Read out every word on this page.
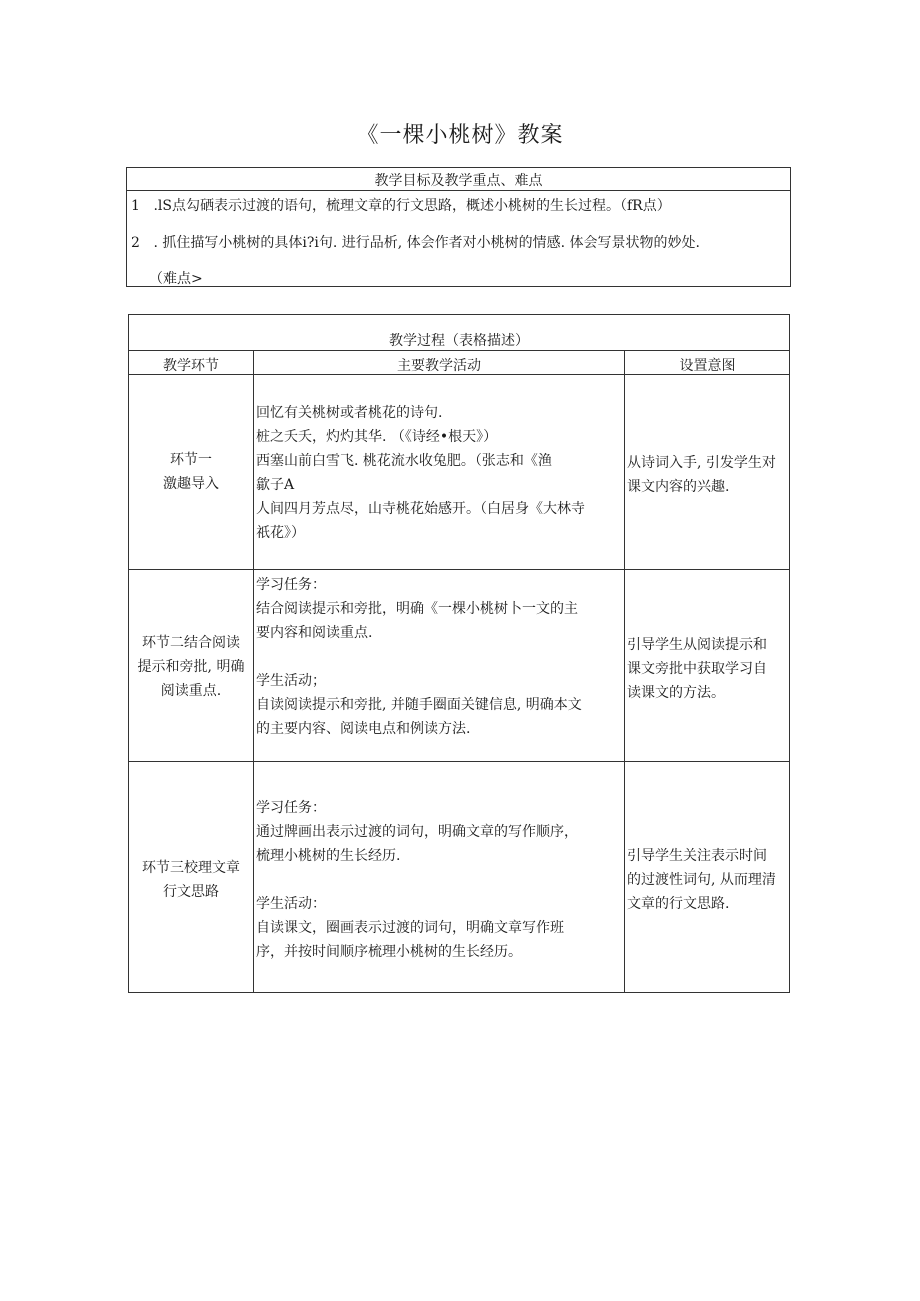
《一棵小桃树》教案
教学目标及教学重点、难点
1 .lS点勾硒表示过渡的语句，梳理文章的行文思路，概述小桃树的生长过程。（fR点）
2 . 抓住描写小桃树的具体i?i句. 进行品析, 体会作者对小桃树的情感. 体会写景状物的妙处.
（难点>
教学过程（表格描述）
教学环节	主要教学活动	设置意图
环节一
激趣导入
回忆有关桃树或者桃花的诗句.
桩之夭夭，灼灼其华. （《诗经•根天》）
西塞山前白雪飞. 桃花流水收兔肥。（张志和《渔
歙子A
人间四月芳点尽，山寺桃花始感开。（白居身《大林寺
祇花》）
从诗词入手, 引发学生对
课文内容的兴趣.
环节二结合阅读
提示和旁批, 明确
阅读重点.
学习任务：
结合阅读提示和旁批，明确《一棵小桃树卜一文的主
要内容和阅读重点.
学生活动；
自读阅读提示和旁批, 并随手圈面关键信息, 明确本文
的主要内容、阅读电点和例读方法.
引导学生从阅读提示和
课文旁批中获取学习自
读课文的方法。
环节三校理文章
行文思路
学习任务：
通过牌画出表示过渡的词句，明确文章的写作顺序，
梳理小桃树的生长经历.
学生活动：
自读课文，圈画表示过渡的词句，明确文章写作班
序，并按时间顺序梳理小桃树的生长经历。
引导学生关注表示时间
的过渡性词句, 从而理清
文章的行文思路.
